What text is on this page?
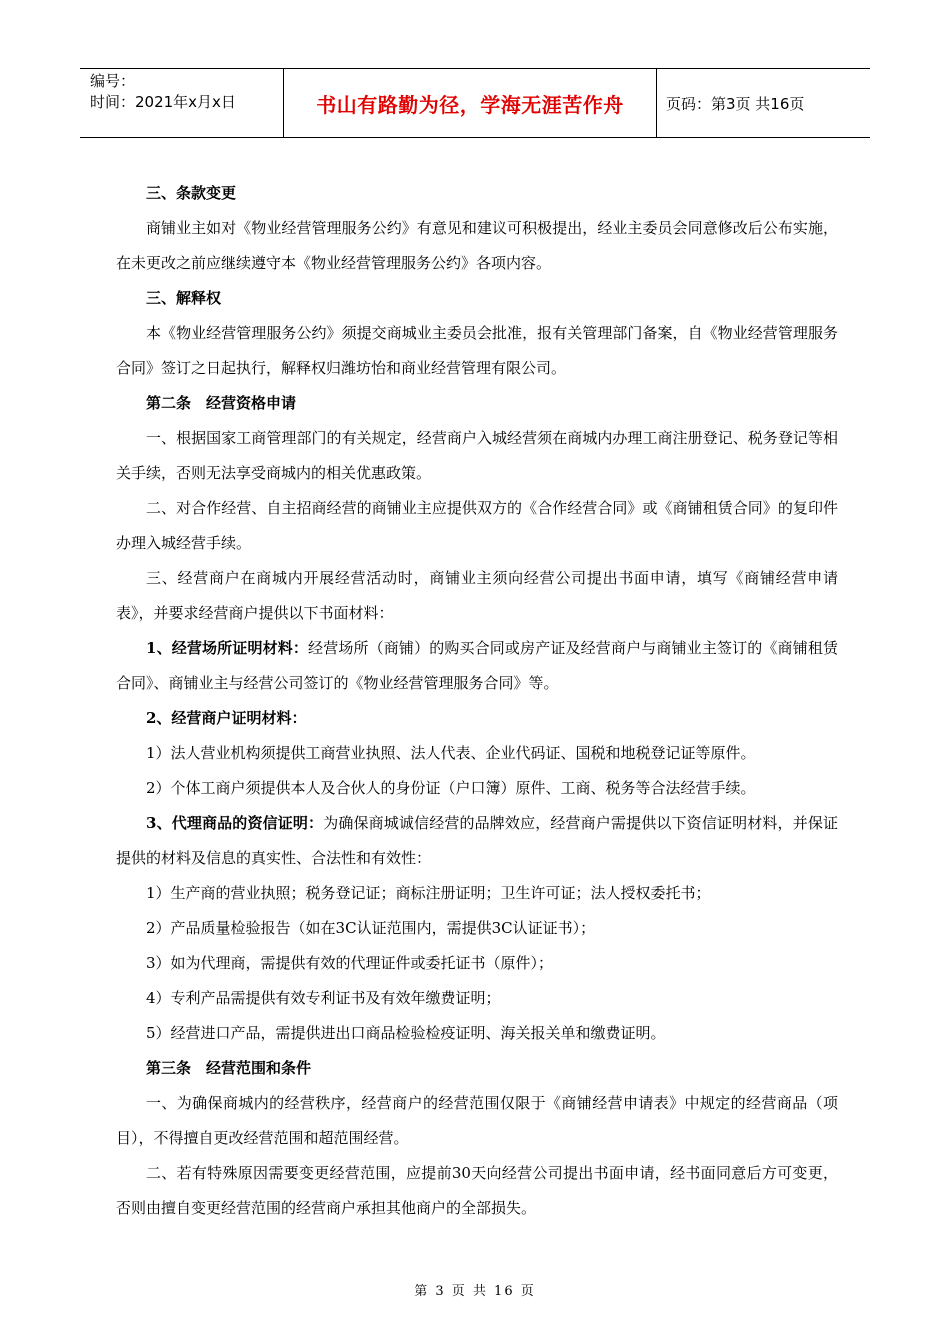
编号：
时间：2021年x月x日	书山有路勤为径，学海无涯苦作舟	页码：第3页 共16页

三、条款变更

商铺业主如对《物业经营管理服务公约》有意见和建议可积极提出，经业主委员会同意修改后公布实施，在未更改之前应继续遵守本《物业经营管理服务公约》各项内容。

三、解释权

本《物业经营管理服务公约》须提交商城业主委员会批准，报有关管理部门备案，自《物业经营管理服务合同》签订之日起执行，解释权归潍坊怡和商业经营管理有限公司。

第二条　经营资格申请

一、根据国家工商管理部门的有关规定，经营商户入城经营须在商城内办理工商注册登记、税务登记等相关手续，否则无法享受商城内的相关优惠政策。

二、对合作经营、自主招商经营的商铺业主应提供双方的《合作经营合同》或《商铺租赁合同》的复印件办理入城经营手续。

三、经营商户在商城内开展经营活动时，商铺业主须向经营公司提出书面申请，填写《商铺经营申请表》，并要求经营商户提供以下书面材料：

1、经营场所证明材料：经营场所（商铺）的购买合同或房产证及经营商户与商铺业主签订的《商铺租赁合同》、商铺业主与经营公司签订的《物业经营管理服务合同》等。

2、经营商户证明材料：

1）法人营业机构须提供工商营业执照、法人代表、企业代码证、国税和地税登记证等原件。

2）个体工商户须提供本人及合伙人的身份证（户口簿）原件、工商、税务等合法经营手续。

3、代理商品的资信证明：为确保商城诚信经营的品牌效应，经营商户需提供以下资信证明材料，并保证提供的材料及信息的真实性、合法性和有效性：

1）生产商的营业执照；税务登记证；商标注册证明；卫生许可证；法人授权委托书；

2）产品质量检验报告（如在3C认证范围内，需提供3C认证证书）；

3）如为代理商，需提供有效的代理证件或委托证书（原件）；

4）专利产品需提供有效专利证书及有效年缴费证明；

5）经营进口产品，需提供进出口商品检验检疫证明、海关报关单和缴费证明。

第三条　经营范围和条件

一、为确保商城内的经营秩序，经营商户的经营范围仅限于《商铺经营申请表》中规定的经营商品（项目），不得擅自更改经营范围和超范围经营。

二、若有特殊原因需要变更经营范围，应提前30天向经营公司提出书面申请，经书面同意后方可变更，否则由擅自变更经营范围的经营商户承担其他商户的全部损失。

第 3 页 共 16 页
